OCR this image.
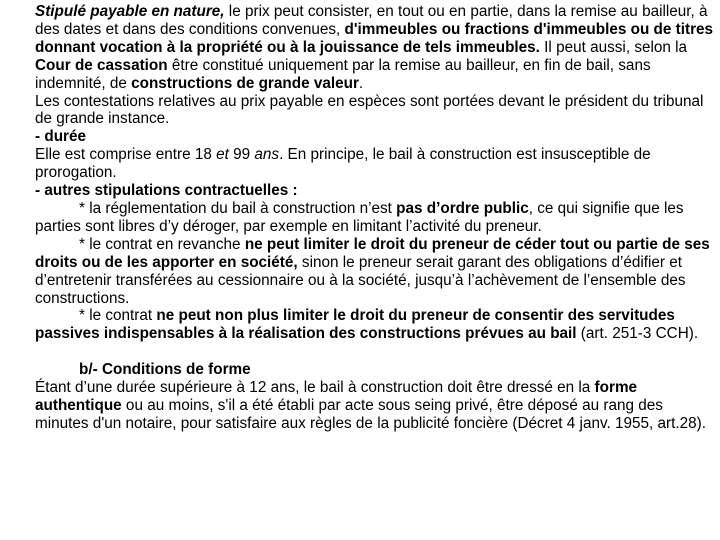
Stipulé payable en nature, le prix peut consister, en tout ou en partie, dans la remise au bailleur, à des dates et dans des conditions convenues, d'immeubles ou fractions d'immeubles ou de titres donnant vocation à la propriété ou à la jouissance de tels immeubles. Il peut aussi, selon la Cour de cassation être constitué uniquement par la remise au bailleur, en fin de bail, sans indemnité, de constructions de grande valeur.

Les contestations relatives au prix payable en espèces sont portées devant le président du tribunal de grande instance.

- durée

Elle est comprise entre 18 et 99 ans. En principe, le bail à construction est insusceptible de prorogation.

- autres stipulations contractuelles :

* la réglementation du bail à construction n’est pas d’ordre public, ce qui signifie que les parties sont libres d’y déroger, par exemple en limitant l’activité du preneur.

* le contrat en revanche ne peut limiter le droit du preneur de céder tout ou partie de ses droits ou de les apporter en société, sinon le preneur serait garant des obligations d’édifier et d’entretenir transférées au cessionnaire ou à la société, jusqu’à l’achèvement de l’ensemble des constructions.

* le contrat ne peut non plus limiter le droit du preneur de consentir des servitudes passives indispensables à la réalisation des constructions prévues au bail (art. 251-3 CCH).

b/- Conditions de forme

Étant d’une durée supérieure à 12 ans, le bail à construction doit être dressé en la forme authentique ou au moins, s'il a été établi par acte sous seing privé, être déposé au rang des minutes d'un notaire, pour satisfaire aux règles de la publicité foncière (Décret 4 janv. 1955, art.28).
